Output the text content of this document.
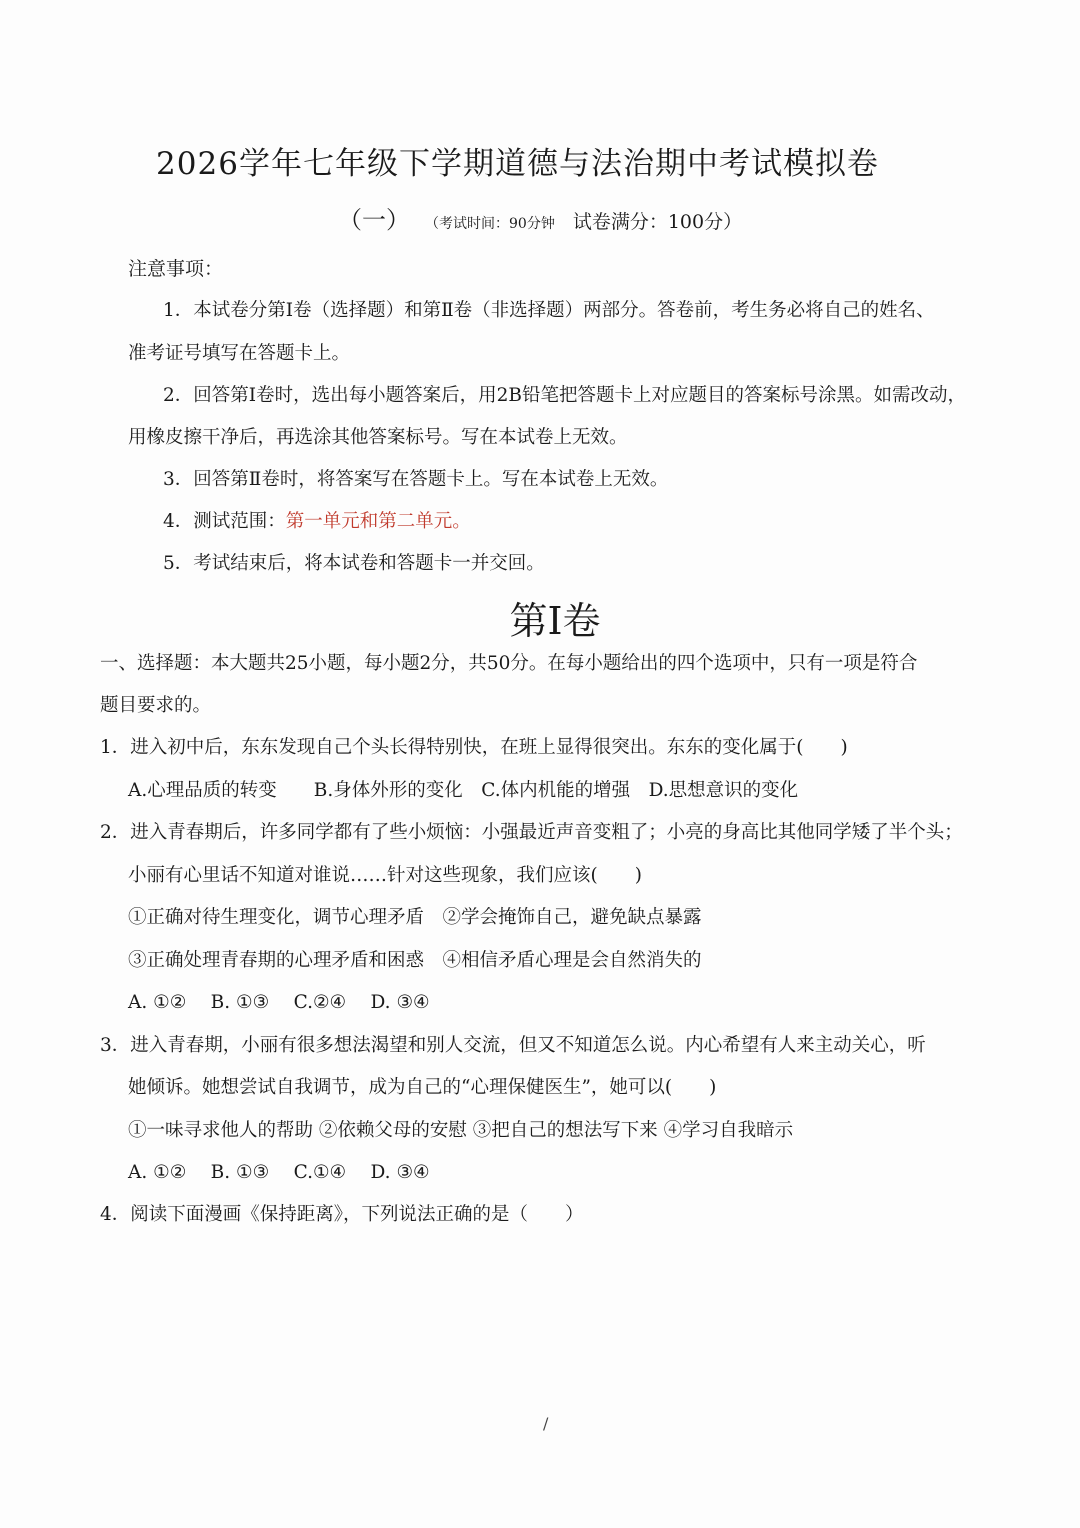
2026学年七年级下学期道德与法治期中考试模拟卷
（一） （考试时间：90分钟 试卷满分：100分）
注意事项：
1．本试卷分第Ⅰ卷（选择题）和第Ⅱ卷（非选择题）两部分。答卷前，考生务必将自己的姓名、
准考证号填写在答题卡上。
2．回答第Ⅰ卷时，选出每小题答案后，用2B铅笔把答题卡上对应题目的答案标号涂黑。如需改动，
用橡皮擦干净后，再选涂其他答案标号。写在本试卷上无效。
3．回答第Ⅱ卷时，将答案写在答题卡上。写在本试卷上无效。
4．测试范围：第一单元和第二单元。
5．考试结束后，将本试卷和答题卡一并交回。
第Ⅰ卷
一、选择题：本大题共25小题，每小题2分，共50分。在每小题给出的四个选项中，只有一项是符合
题目要求的。
1．进入初中后，东东发现自己个头长得特别快，在班上显得很突出。东东的变化属于(　　)
A.心理品质的转变　　B.身体外形的变化　C.体内机能的增强　D.思想意识的变化
2．进入青春期后，许多同学都有了些小烦恼：小强最近声音变粗了；小亮的身高比其他同学矮了半个头；
小丽有心里话不知道对谁说……针对这些现象，我们应该(　　)
①正确对待生理变化，调节心理矛盾　②学会掩饰自己，避免缺点暴露
③正确处理青春期的心理矛盾和困惑　④相信矛盾心理是会自然消失的
A. ①②　 B. ①③　 C.②④　 D. ③④
3．进入青春期，小丽有很多想法渴望和别人交流，但又不知道怎么说。内心希望有人来主动关心，听
她倾诉。她想尝试自我调节，成为自己的“心理保健医生”，她可以(　　)
①一味寻求他人的帮助 ②依赖父母的安慰 ③把自己的想法写下来 ④学习自我暗示
A. ①②　 B. ①③　 C.①④　 D. ③④
4．阅读下面漫画《保持距离》，下列说法正确的是（　　）
/
